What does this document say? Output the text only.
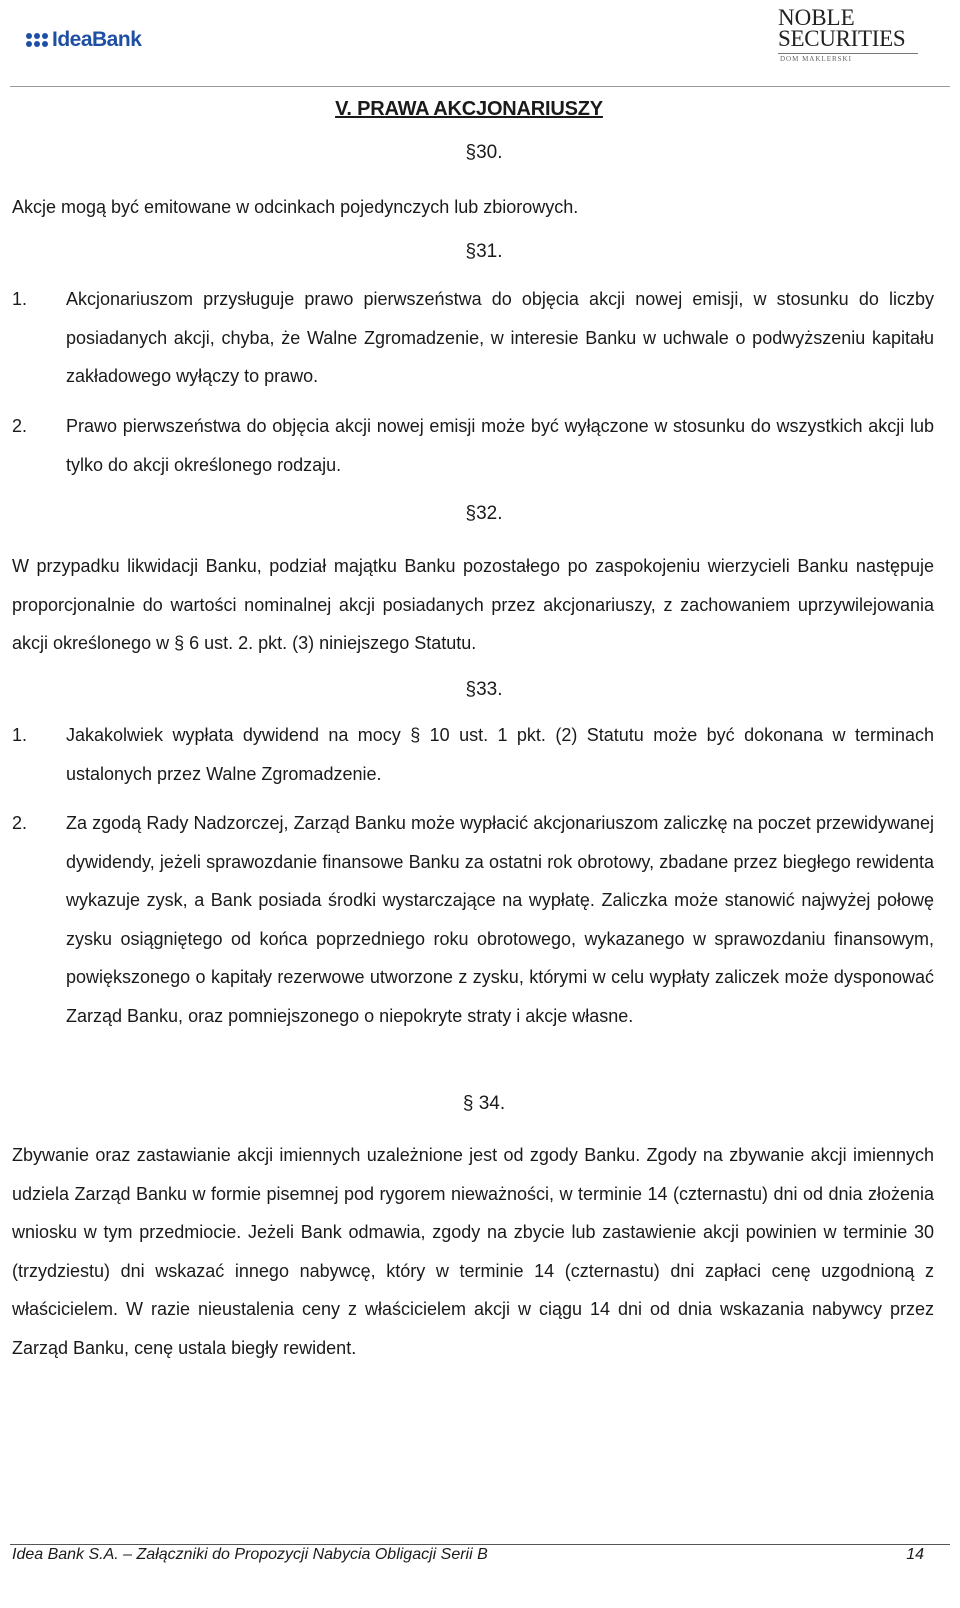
IdeaBank
NOBLE
SECURITIES
DOM MAKLERSKI
V. PRAWA AKCJONARIUSZY
§30.
Akcje mogą być emitowane w odcinkach pojedynczych lub zbiorowych.
§31.
1.	Akcjonariuszom przysługuje prawo pierwszeństwa do objęcia akcji nowej emisji, w stosunku do liczby posiadanych akcji, chyba, że Walne Zgromadzenie, w interesie Banku w uchwale o podwyższeniu kapitału zakładowego wyłączy to prawo.
2.	Prawo pierwszeństwa do objęcia akcji nowej emisji może być wyłączone w stosunku do wszystkich akcji lub tylko do akcji określonego rodzaju.
§32.
W przypadku likwidacji Banku, podział majątku Banku pozostałego po zaspokojeniu wierzycieli Banku następuje proporcjonalnie do wartości nominalnej akcji posiadanych przez akcjonariuszy, z zachowaniem uprzywilejowania akcji określonego w § 6 ust. 2. pkt. (3) niniejszego Statutu.
§33.
1.	Jakakolwiek wypłata dywidend na mocy § 10 ust. 1 pkt. (2) Statutu może być dokonana w terminach ustalonych przez Walne Zgromadzenie.
2.	Za zgodą Rady Nadzorczej, Zarząd Banku może wypłacić akcjonariuszom zaliczkę na poczet przewidywanej dywidendy, jeżeli sprawozdanie finansowe Banku za ostatni rok obrotowy, zbadane przez biegłego rewidenta wykazuje zysk, a Bank posiada środki wystarczające na wypłatę. Zaliczka może stanowić najwyżej połowę zysku osiągniętego od końca poprzedniego roku obrotowego, wykazanego w sprawozdaniu finansowym, powiększonego o kapitały rezerwowe utworzone z zysku, którymi w celu wypłaty zaliczek może dysponować Zarząd Banku, oraz pomniejszonego o niepokryte straty i akcje własne.
§ 34.
Zbywanie oraz zastawianie akcji imiennych uzależnione jest od zgody Banku. Zgody na zbywanie akcji imiennych udziela Zarząd Banku w formie pisemnej pod rygorem nieważności, w terminie 14 (czternastu) dni od dnia złożenia wniosku w tym przedmiocie. Jeżeli Bank odmawia, zgody na zbycie lub zastawienie akcji powinien w terminie 30 (trzydziestu) dni wskazać innego nabywcę, który w terminie 14 (czternastu) dni zapłaci cenę uzgodnioną z właścicielem. W razie nieustalenia ceny z właścicielem akcji w ciągu 14 dni od dnia wskazania nabywcy przez Zarząd Banku, cenę ustala biegły rewident.
Idea Bank S.A. – Załączniki do Propozycji Nabycia Obligacji Serii B	14
